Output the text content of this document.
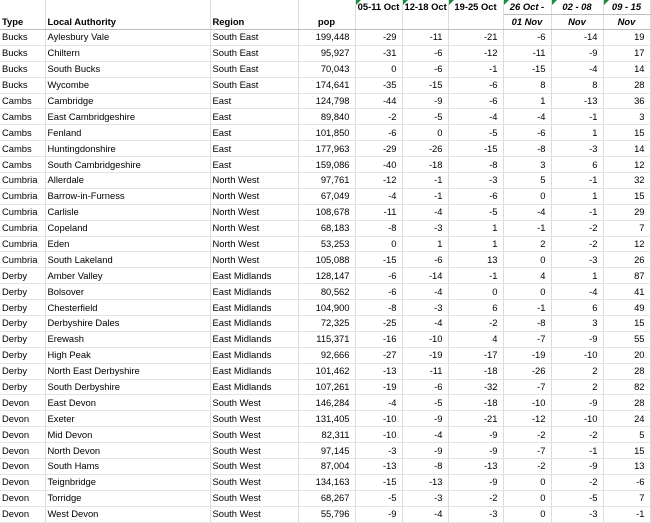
Type	Local Authority	Region	pop	05-11 Oct	12-18 Oct	19-25 Oct	26 Oct -	02 - 08	09 - 15
							01 Nov	Nov	Nov
Bucks	Aylesbury Vale	South East	199,448	-29	-11	-21	-6	-14	19
Bucks	Chiltern	South East	95,927	-31	-6	-12	-11	-9	17
Bucks	South Bucks	South East	70,043	0	-6	-1	-15	-4	14
Bucks	Wycombe	South East	174,641	-35	-15	-6	8	8	28
Cambs	Cambridge	East	124,798	-44	-9	-6	1	-13	36
Cambs	East Cambridgeshire	East	89,840	-2	-5	-4	-4	-1	3
Cambs	Fenland	East	101,850	-6	0	-5	-6	1	15
Cambs	Huntingdonshire	East	177,963	-29	-26	-15	-8	-3	14
Cambs	South Cambridgeshire	East	159,086	-40	-18	-8	3	6	12
Cumbria	Allerdale	North West	97,761	-12	-1	-3	5	-1	32
Cumbria	Barrow-in-Furness	North West	67,049	-4	-1	-6	0	1	15
Cumbria	Carlisle	North West	108,678	-11	-4	-5	-4	-1	29
Cumbria	Copeland	North West	68,183	-8	-3	1	-1	-2	7
Cumbria	Eden	North West	53,253	0	1	1	2	-2	12
Cumbria	South Lakeland	North West	105,088	-15	-6	13	0	-3	26
Derby	Amber Valley	East Midlands	128,147	-6	-14	-1	4	1	87
Derby	Bolsover	East Midlands	80,562	-6	-4	0	0	-4	41
Derby	Chesterfield	East Midlands	104,900	-8	-3	6	-1	6	49
Derby	Derbyshire Dales	East Midlands	72,325	-25	-4	-2	-8	3	15
Derby	Erewash	East Midlands	115,371	-16	-10	4	-7	-9	55
Derby	High Peak	East Midlands	92,666	-27	-19	-17	-19	-10	20
Derby	North East Derbyshire	East Midlands	101,462	-13	-11	-18	-26	2	28
Derby	South Derbyshire	East Midlands	107,261	-19	-6	-32	-7	2	82
Devon	East Devon	South West	146,284	-4	-5	-18	-10	-9	28
Devon	Exeter	South West	131,405	-10	-9	-21	-12	-10	24
Devon	Mid Devon	South West	82,311	-10	-4	-9	-2	-2	5
Devon	North Devon	South West	97,145	-3	-9	-9	-7	-1	15
Devon	South Hams	South West	87,004	-13	-8	-13	-2	-9	13
Devon	Teignbridge	South West	134,163	-15	-13	-9	0	-2	-6
Devon	Torridge	South West	68,267	-5	-3	-2	0	-5	7
Devon	West Devon	South West	55,796	-9	-4	-3	0	-3	-1
